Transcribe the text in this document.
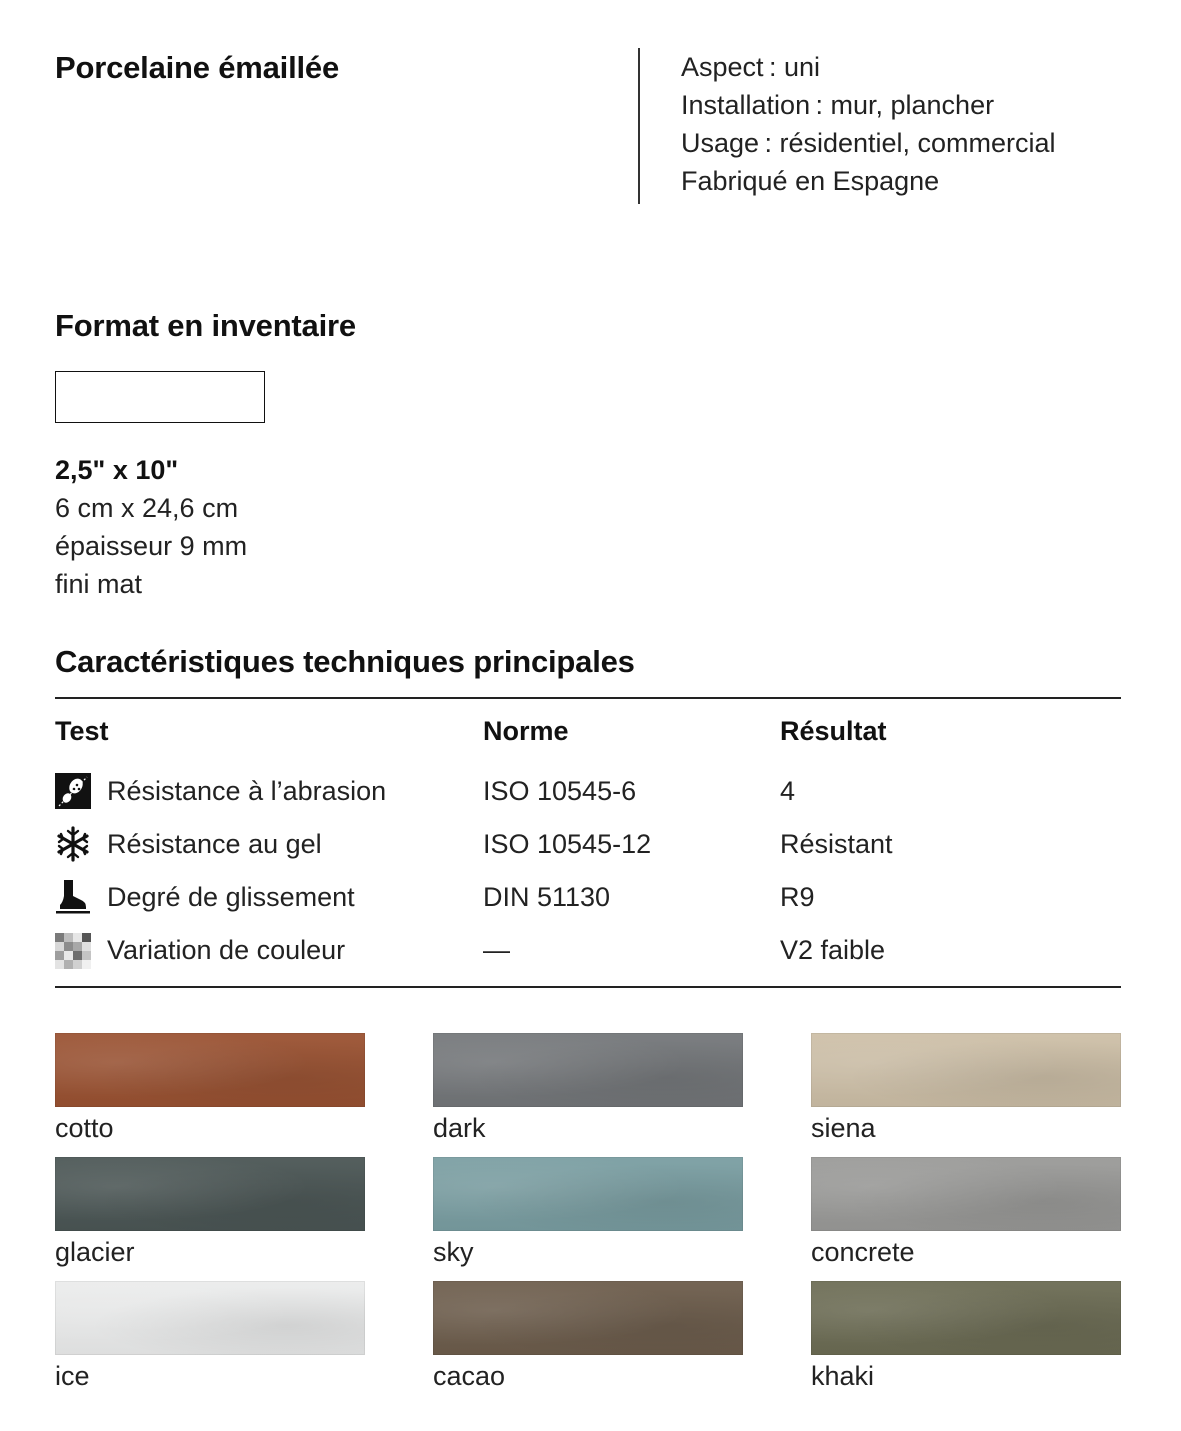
Porcelaine émaillée	Aspect : uni
Installation : mur, plancher
Usage : résidentiel, commercial
Fabriqué en Espagne
Format en inventaire
2,5" x 10"
6 cm x 24,6 cm
épaisseur 9 mm
fini mat
Caractéristiques techniques principales
Test	Norme	Résultat
Résistance à l’abrasion	ISO 10545-6	4
Résistance au gel	ISO 10545-12	Résistant
Degré de glissement	DIN 51130	R9
Variation de couleur	—	V2 faible
cotto	dark	siena
glacier	sky	concrete
ice	cacao	khaki
